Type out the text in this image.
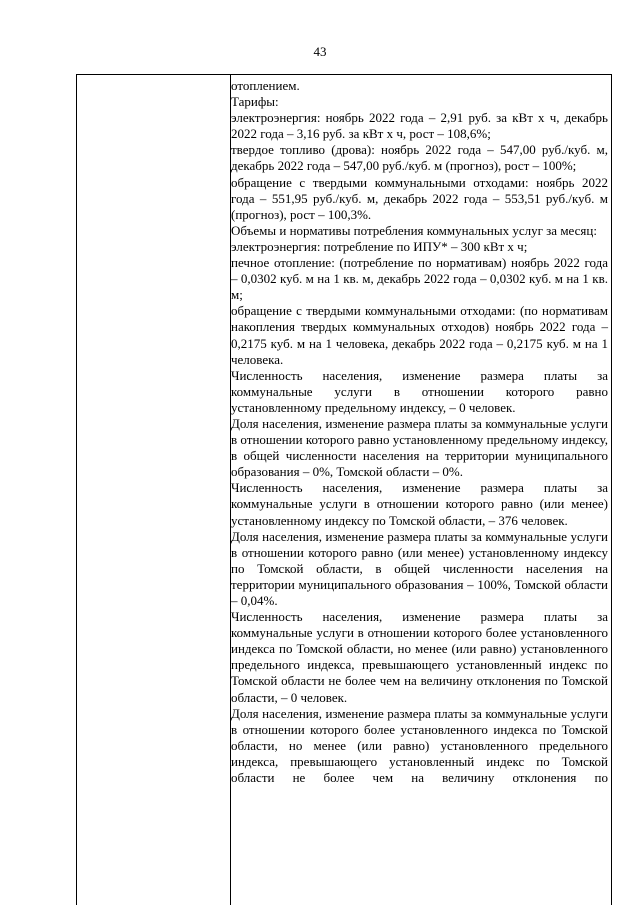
43

отоплением.

Тарифы:

электроэнергия: ноябрь 2022 года – 2,91 руб. за кВт х ч, декабрь 2022 года – 3,16 руб. за кВт х ч, рост – 108,6%;

твердое топливо (дрова): ноябрь 2022 года – 547,00 руб./куб. м, декабрь 2022 года – 547,00 руб./куб. м (прогноз), рост – 100%;

обращение с твердыми коммунальными отходами: ноябрь 2022 года – 551,95 руб./куб. м, декабрь 2022 года – 553,51 руб./куб. м (прогноз), рост – 100,3%.

Объемы и нормативы потребления коммунальных услуг за месяц:

электроэнергия: потребление по ИПУ* – 300 кВт х ч;

печное отопление: (потребление по нормативам) ноябрь 2022 года – 0,0302 куб. м на 1 кв. м, декабрь 2022 года – 0,0302 куб. м на 1 кв. м;

обращение с твердыми коммунальными отходами: (по нормативам накопления твердых коммунальных отходов) ноябрь 2022 года – 0,2175 куб. м на 1 человека, декабрь 2022 года – 0,2175 куб. м на 1 человека.

Численность населения, изменение размера платы за коммунальные услуги в отношении которого равно установленному предельному индексу, – 0 человек.

Доля населения, изменение размера платы за коммунальные услуги в отношении которого равно установленному предельному индексу, в общей численности населения на территории муниципального образования – 0%, Томской области – 0%.

Численность населения, изменение размера платы за коммунальные услуги в отношении которого равно (или менее) установленному индексу по Томской области, – 376 человек.

Доля населения, изменение размера платы за коммунальные услуги в отношении которого равно (или менее) установленному индексу по Томской области, в общей численности населения на территории муниципального образования – 100%, Томской области – 0,04%.

Численность населения, изменение размера платы за коммунальные услуги в отношении которого более установленного индекса по Томской области, но менее (или равно) установленного предельного индекса, превышающего установленный индекс по Томской области не более чем на величину отклонения по Томской области, – 0 человек.

Доля населения, изменение размера платы за коммунальные услуги в отношении которого более установленного индекса по Томской области, но менее (или равно) установленного предельного индекса, превышающего установленный индекс по Томской области не более чем на величину отклонения по
